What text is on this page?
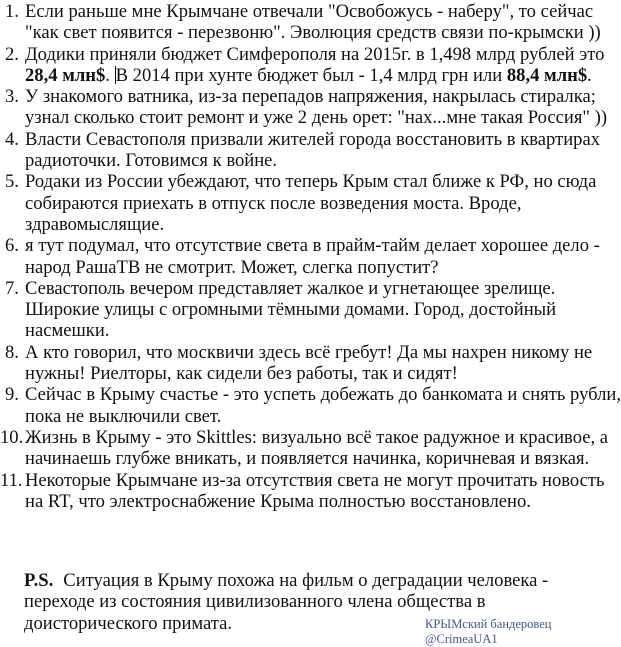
1. Если раньше мне Крымчане отвечали "Освобожусь - наберу", то сейчас "как свет появится - перезвоню". Эволюция средств связи по-крымски ))
2. Додики приняли бюджет Симферополя на 2015г. в 1,498 млрд рублей это 28,4 млн$. В 2014 при хунте бюджет был - 1,4 млрд грн или 88,4 млн$.
3. У знакомого ватника, из-за перепадов напряжения, накрылась стиралка; узнал сколько стоит ремонт и уже 2 день орет: "нах...мне такая Россия" ))
4. Власти Севастополя призвали жителей города восстановить в квартирах радиоточки. Готовимся к войне.
5. Родаки из России убеждают, что теперь Крым стал ближе к РФ, но сюда собираются приехать в отпуск после возведения моста. Вроде, здравомыслящие.
6. я тут подумал, что отсутствие света в прайм-тайм делает хорошее дело - народ РашаТВ не смотрит. Может, слегка попустит?
7. Севастополь вечером представляет жалкое и угнетающее зрелище. Широкие улицы с огромными тёмными домами. Город, достойный насмешки.
8. А кто говорил, что москвичи здесь всё гребут! Да мы нахрен никому не нужны! Риелторы, как сидели без работы, так и сидят!
9. Сейчас в Крыму счастье - это успеть добежать до банкомата и снять рубли, пока не выключили свет.
10. Жизнь в Крыму - это Skittles: визуально всё такое радужное и красивое, а начинаешь глубже вникать, и появляется начинка, коричневая и вязкая.
11. Некоторые Крымчане из-за отсутствия света не могут прочитать новость на RT, что электроснабжение Крыма полностью восстановлено.
P.S. Ситуация в Крыму похожа на фильм о деградации человека - переходе из состояния цивилизованного члена общества в доисторического примата.	КРЫМский бандеровец @CrimeaUA1
